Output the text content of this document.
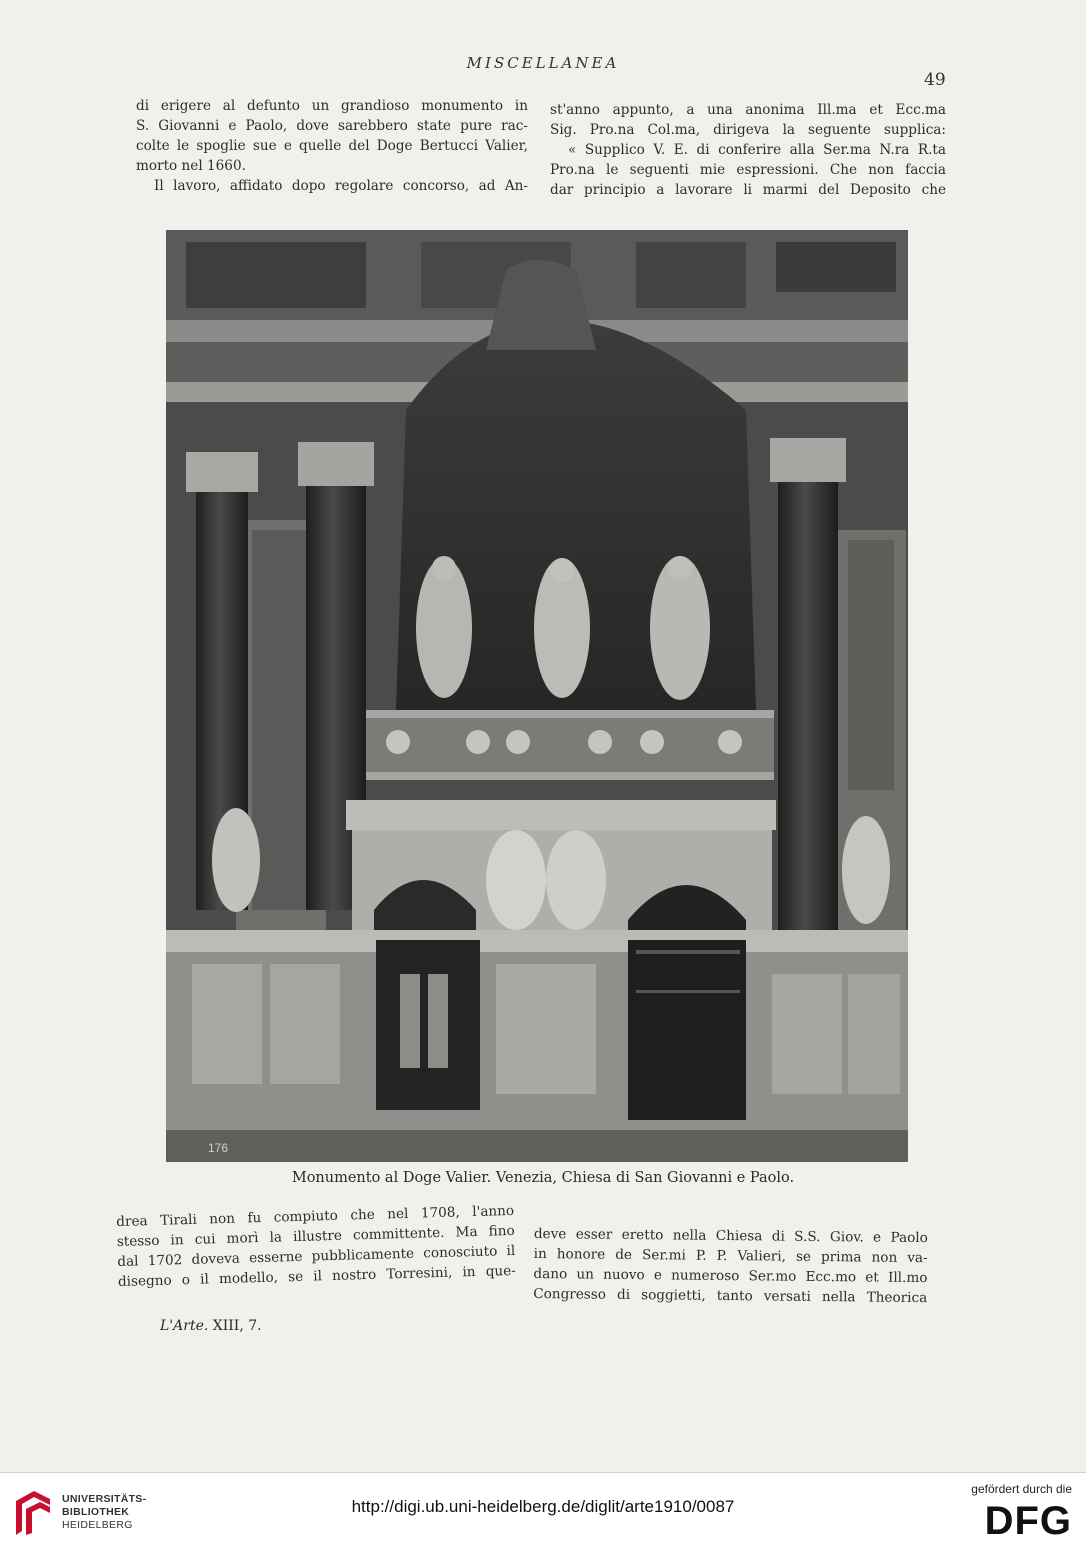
MISCELLANEA
49
di erigere al defunto un grandioso monumento in
S. Giovanni e Paolo, dove sarebbero state pure rac-
colte le spoglie sue e quelle del Doge Bertucci Valier,
morto nel 1660.
Il lavoro, affidato dopo regolare concorso, ad An-
st'anno appunto, a una anonima Ill.ma et Ecc.ma
Sig. Pro.na Col.ma, dirigeva la seguente supplica:
« Supplico V. E. di conferire alla Ser.ma N.ra R.ta
Pro.na le seguenti mie espressioni. Che non faccia
dar principio a lavorare li marmi del Deposito che
176
Monumento al Doge Valier. Venezia, Chiesa di San Giovanni e Paolo.
drea Tirali non fu compiuto che nel 1708, l'anno
stesso in cui morì la illustre committente. Ma fino
dal 1702 doveva esserne pubblicamente conosciuto il
disegno o il modello, se il nostro Torresini, in que-
deve esser eretto nella Chiesa di S.S. Giov. e Paolo
in honore de Ser.mi P. P. Valieri, se prima non va-
dano un nuovo e numeroso Ser.mo Ecc.mo et Ill.mo
Congresso di soggietti, tanto versati nella Theorica
L'Arte. XIII, 7.
UNIVERSITÄTS-
BIBLIOTHEK
HEIDELBERG
http://digi.ub.uni-heidelberg.de/diglit/arte1910/0087
gefördert durch die
DFG
